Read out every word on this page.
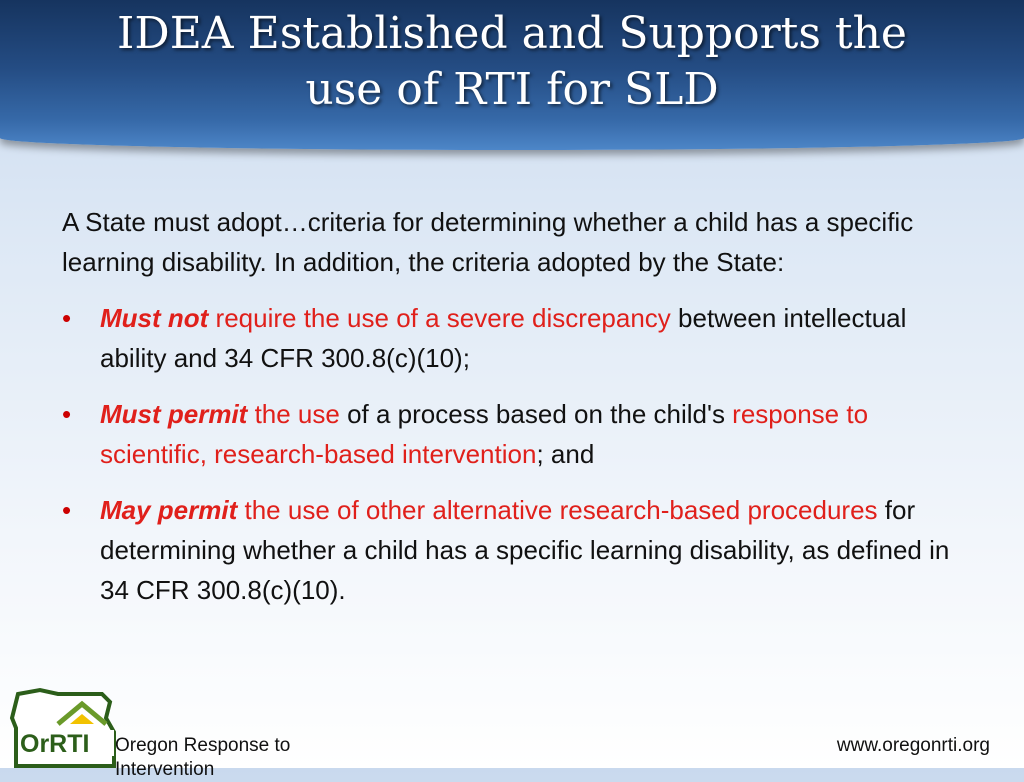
IDEA Established and Supports the
use of RTI for SLD

A State must adopt…criteria for determining whether a child has a specific learning disability. In addition, the criteria adopted by the State:

• Must not require the use of a severe discrepancy between intellectual ability and 34 CFR 300.8(c)(10);
• Must permit the use of a process based on the child's response to scientific, research-based intervention; and
• May permit the use of other alternative research-based procedures for determining whether a child has a specific learning disability, as defined in 34 CFR 300.8(c)(10).
OrRTI Oregon Response to Intervention
www.oregonrti.org
